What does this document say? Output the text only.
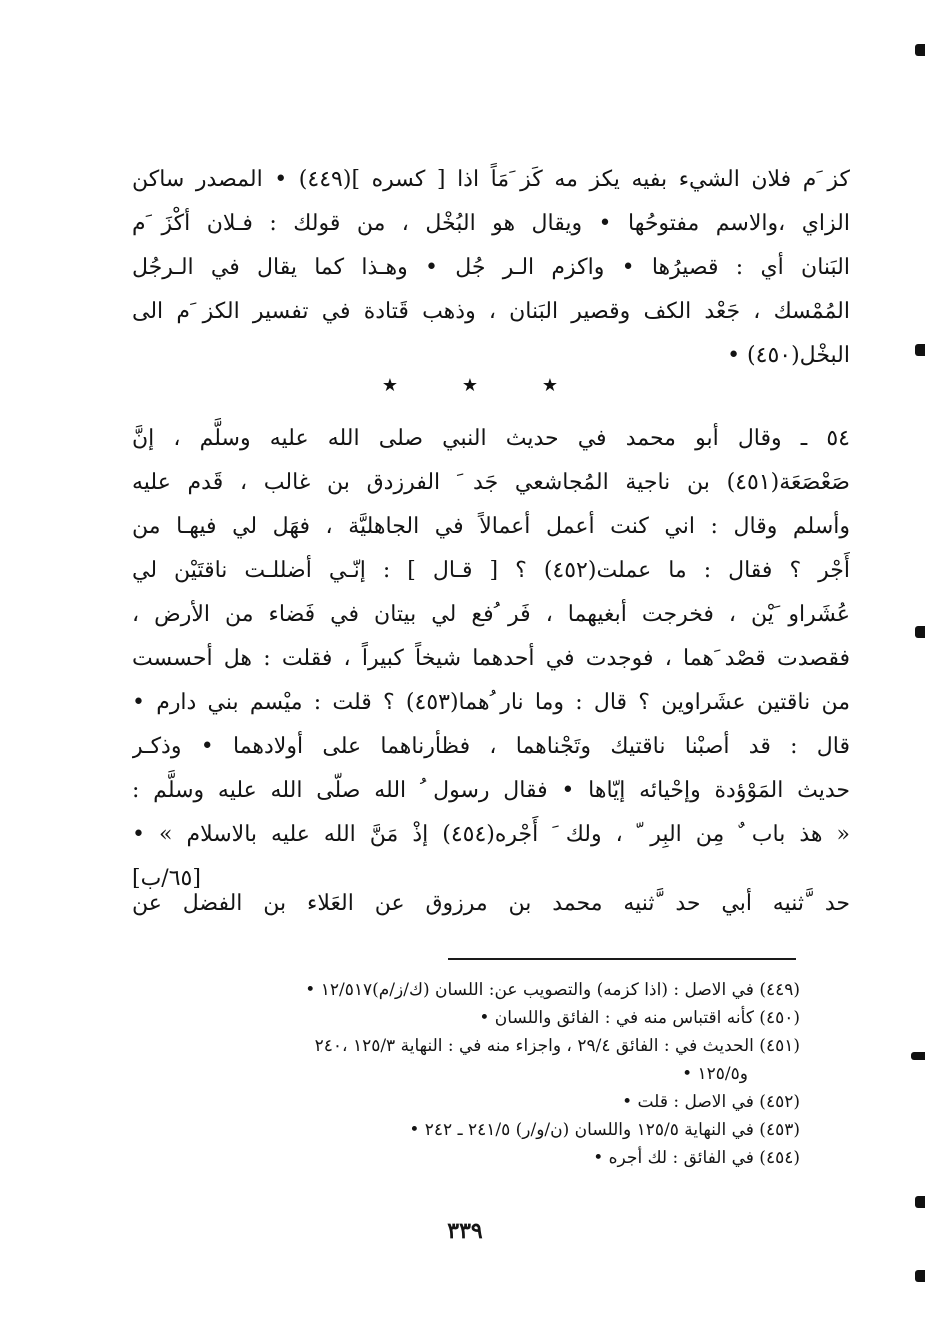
كز َم فلان الشيء بفيه يكز مه كَز َمَاً اذا [ كسره ](٤٤٩) • المصدر ساكن
الزاي ،والاسم مفتوحُها • ويقال هو البُخْل ، من قولك : فـلان أكْزَ َم
البَنان أي : قصيرُها • واكزم الـر جُل • وهـذا كما يقال في الـرجُل
المُمْسك ، جَعْد الكف وقصير البَنان ، وذهب قَتادة في تفسير الكز َم الى
البخْل(٤٥٠) •
★	★	★
٥٤ ـ وقال أبو محمد في حديث النبي صلى الله عليه وسلَّم ، إنَّ
صَعْصَعَة(٤٥١) بن ناجية المُجاشعي جَد َ الفرزدق بن غالب ، قَدم عليه
وأسلم وقال : اني كنت أعمل أعمالاً في الجاهليَّة ، فهَل لي فيهـا من
أَجْر ؟ فقال : ما عملت(٤٥٢) ؟ [ قـال ] : إنّـي أضللـت ناقتَيْن لي
عُشَراو َيْن ، فخرجت أبغيهما ، فَر ُفع لي بيتان في فَضاء من الأرض ،
فقصدت قصْد َهما ، فوجدت في أحدهما شيخاً كبيراً ، فقلت : هل أحسست
من ناقتين عشَراوين ؟ قال : وما نار ُهما(٤٥٣) ؟ قلت : ميْسم بني دارم •
قال : قد أصبْنا ناقتيك وتَجْناهما ، فظأرناهما على أولادهما • وذكـر
حديث المَوْؤدة وإحْيائه إيّاها • فقال رسول ُ الله صلّى الله عليه وسلَّم :
« هذ باب ٌ مِن البِر ّ ، ولك َ أَجْره(٤٥٤) إذْ مَنَّ الله عليه بالاسلام » •
[٦٥/ب]
حد َّثنيه أبي حد َّثنيه محمد بن مرزوق عن العَلاء بن الفضل عن
(٤٤٩) في الاصل : (اذا كزمه) والتصويب عن: اللسان (ك/ز/م)١٢/٥١٧ •
(٤٥٠) كأنه اقتباس منه في : الفائق واللسان •
(٤٥١) الحديث في : الفائق ٢٩/٤ ، واجزاء منه في : النهاية ١٢٥/٣ ،٢٤٠
و١٢٥/٥ •
(٤٥٢) في الاصل : قلت •
(٤٥٣) في النهاية ١٢٥/٥ واللسان (ن/و/ر) ٢٤١/٥ ـ ٢٤٢ •
(٤٥٤) في الفائق : لك أجره •
٣٣٩
